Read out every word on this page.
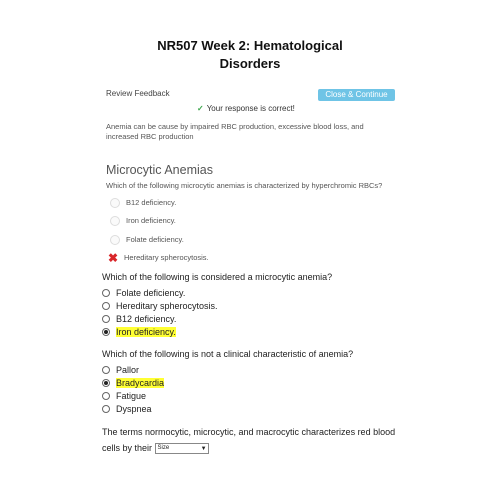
NR507 Week 2: Hematological
Disorders
Review Feedback	Close & Continue
✓ Your response is correct!
Anemia can be cause by impaired RBC production, excessive blood loss, and increased RBC production
Microcytic Anemias
Which of the following microcytic anemias is characterized by hyperchromic RBCs?
B12 deficiency.
Iron deficiency.
Folate deficiency.
✖ Hereditary spherocytosis.
Which of the following is considered a microcytic anemia?
Folate deficiency.
Hereditary spherocytosis.
B12 deficiency.
Iron deficiency.
Which of the following is not a clinical characteristic of anemia?
Pallor
Bradycardia
Fatigue
Dyspnea
The terms normocytic, microcytic, and macrocytic characterizes red blood
cells by their Size	▼
